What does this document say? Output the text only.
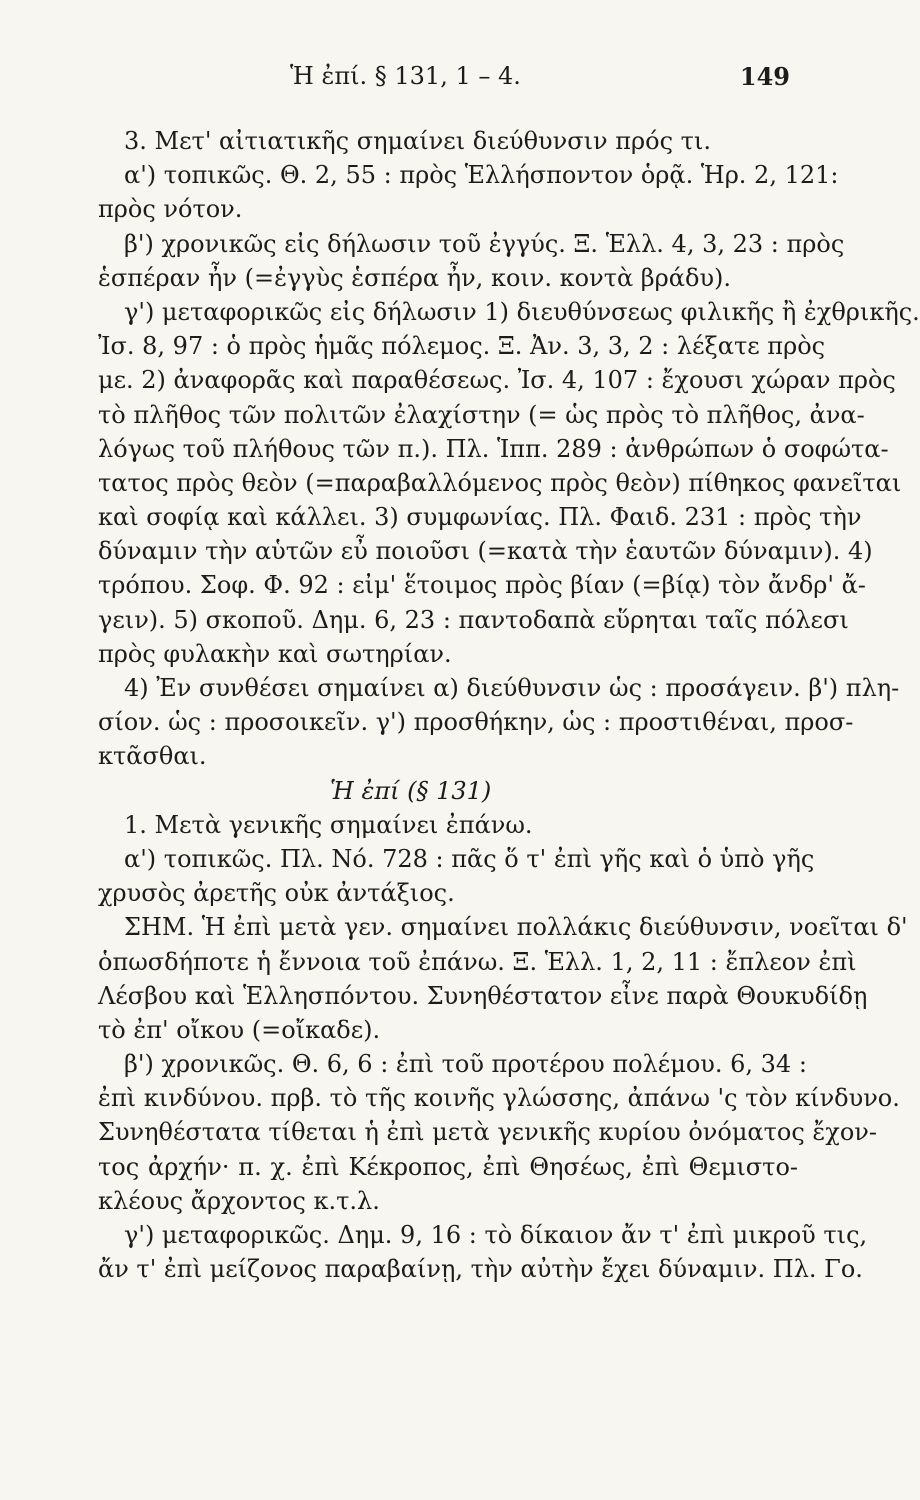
Ἡ ἐπί. § 131, 1 – 4.	149
3. Μετ' αἰτιατικῆς σημαίνει διεύθυνσιν πρός τι.
α') τοπικῶς. Θ. 2, 55 : πρὸς Ἑλλήσποντον ὁρᾷ. Ἡρ. 2, 121:
πρὸς νότον.
β') χρονικῶς εἰς δήλωσιν τοῦ ἐγγύς. Ξ. Ἑλλ. 4, 3, 23 : πρὸς
ἑσπέραν ἦν (=ἐγγὺς ἑσπέρα ἦν, κοιν. κοντὰ βράδυ).
γ') μεταφορικῶς εἰς δήλωσιν 1) διευθύνσεως φιλικῆς ἢ ἐχθρικῆς.
Ἰσ. 8, 97 : ὁ πρὸς ἡμᾶς πόλεμος. Ξ. Ἀν. 3, 3, 2 : λέξατε πρὸς
με. 2) ἀναφορᾶς καὶ παραθέσεως. Ἰσ. 4, 107 : ἔχουσι χώραν πρὸς
τὸ πλῆθος τῶν πολιτῶν ἐλαχίστην (= ὡς πρὸς τὸ πλῆθος, ἀνα-
λόγως τοῦ πλήθους τῶν π.). Πλ. Ἱππ. 289 : ἀνθρώπων ὁ σοφώτα-
τατος πρὸς θεὸν (=παραβαλλόμενος πρὸς θεὸν) πίθηκος φανεῖται
καὶ σοφίᾳ καὶ κάλλει. 3) συμφωνίας. Πλ. Φαιδ. 231 : πρὸς τὴν
δύναμιν τὴν αὑτῶν εὖ ποιοῦσι (=κατὰ τὴν ἑαυτῶν δύναμιν). 4)
τρόπου. Σοφ. Φ. 92 : εἰμ' ἕτοιμος πρὸς βίαν (=βίᾳ) τὸν ἄνδρ' ἄ-
γειν). 5) σκοποῦ. Δημ. 6, 23 : παντοδαπὰ εὕρηται ταῖς πόλεσι
πρὸς φυλακὴν καὶ σωτηρίαν.
4) Ἐν συνθέσει σημαίνει α) διεύθυνσιν ὡς : προσάγειν. β') πλη-
σίον. ὡς : προσοικεῖν. γ') προσθήκην, ὡς : προστιθέναι, προσ-
κτᾶσθαι.
Ἡ ἐπί (§ 131)
1. Μετὰ γενικῆς σημαίνει ἐπάνω.
α') τοπικῶς. Πλ. Νό. 728 : πᾶς ὅ τ' ἐπὶ γῆς καὶ ὁ ὑπὸ γῆς
χρυσὸς ἀρετῆς οὐκ ἀντάξιος.
ΣΗΜ. Ἡ ἐπὶ μετὰ γεν. σημαίνει πολλάκις διεύθυνσιν, νοεῖται δ'
ὁπωσδήποτε ἡ ἔννοια τοῦ ἐπάνω. Ξ. Ἑλλ. 1, 2, 11 : ἔπλεον ἐπὶ
Λέσβου καὶ Ἑλλησπόντου. Συνηθέστατον εἶνε παρὰ Θουκυδίδῃ
τὸ ἐπ' οἴκου (=οἴκαδε).
β') χρονικῶς. Θ. 6, 6 : ἐπὶ τοῦ προτέρου πολέμου. 6, 34 :
ἐπὶ κινδύνου. πρβ. τὸ τῆς κοινῆς γλώσσης, ἀπάνω 'ς τὸν κίνδυνο.
Συνηθέστατα τίθεται ἡ ἐπὶ μετὰ γενικῆς κυρίου ὀνόματος ἔχον-
τος ἀρχήν· π. χ. ἐπὶ Κέκροπος, ἐπὶ Θησέως, ἐπὶ Θεμιστο-
κλέους ἄρχοντος κ.τ.λ.
γ') μεταφορικῶς. Δημ. 9, 16 : τὸ δίκαιον ἄν τ' ἐπὶ μικροῦ τις,
ἄν τ' ἐπὶ μείζονος παραβαίνῃ, τὴν αὐτὴν ἔχει δύναμιν. Πλ. Γο.
